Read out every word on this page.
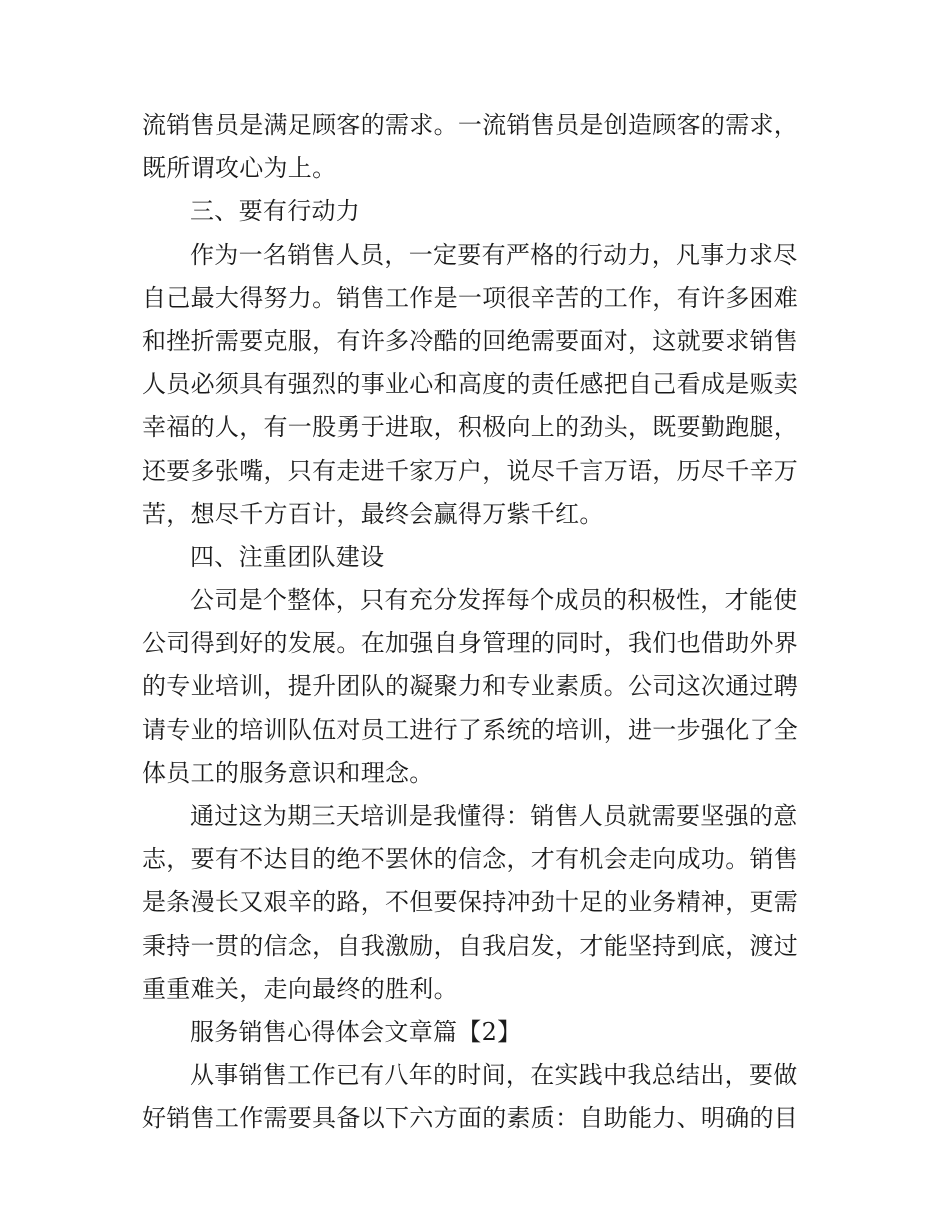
流销售员是满足顾客的需求。一流销售员是创造顾客的需求，
既所谓攻心为上。
三、要有行动力
作为一名销售人员，一定要有严格的行动力，凡事力求尽
自己最大得努力。销售工作是一项很辛苦的工作，有许多困难
和挫折需要克服，有许多冷酷的回绝需要面对，这就要求销售
人员必须具有强烈的事业心和高度的责任感把自己看成是贩卖
幸福的人，有一股勇于进取，积极向上的劲头，既要勤跑腿，
还要多张嘴，只有走进千家万户，说尽千言万语，历尽千辛万
苦，想尽千方百计，最终会赢得万紫千红。
四、注重团队建设
公司是个整体，只有充分发挥每个成员的积极性，才能使
公司得到好的发展。在加强自身管理的同时，我们也借助外界
的专业培训，提升团队的凝聚力和专业素质。公司这次通过聘
请专业的培训队伍对员工进行了系统的培训，进一步强化了全
体员工的服务意识和理念。
通过这为期三天培训是我懂得：销售人员就需要坚强的意
志，要有不达目的绝不罢休的信念，才有机会走向成功。销售
是条漫长又艰辛的路，不但要保持冲劲十足的业务精神，更需
秉持一贯的信念，自我激励，自我启发，才能坚持到底，渡过
重重难关，走向最终的胜利。
服务销售心得体会文章篇【2】
从事销售工作已有八年的时间，在实践中我总结出，要做
好销售工作需要具备以下六方面的素质：自助能力、明确的目
